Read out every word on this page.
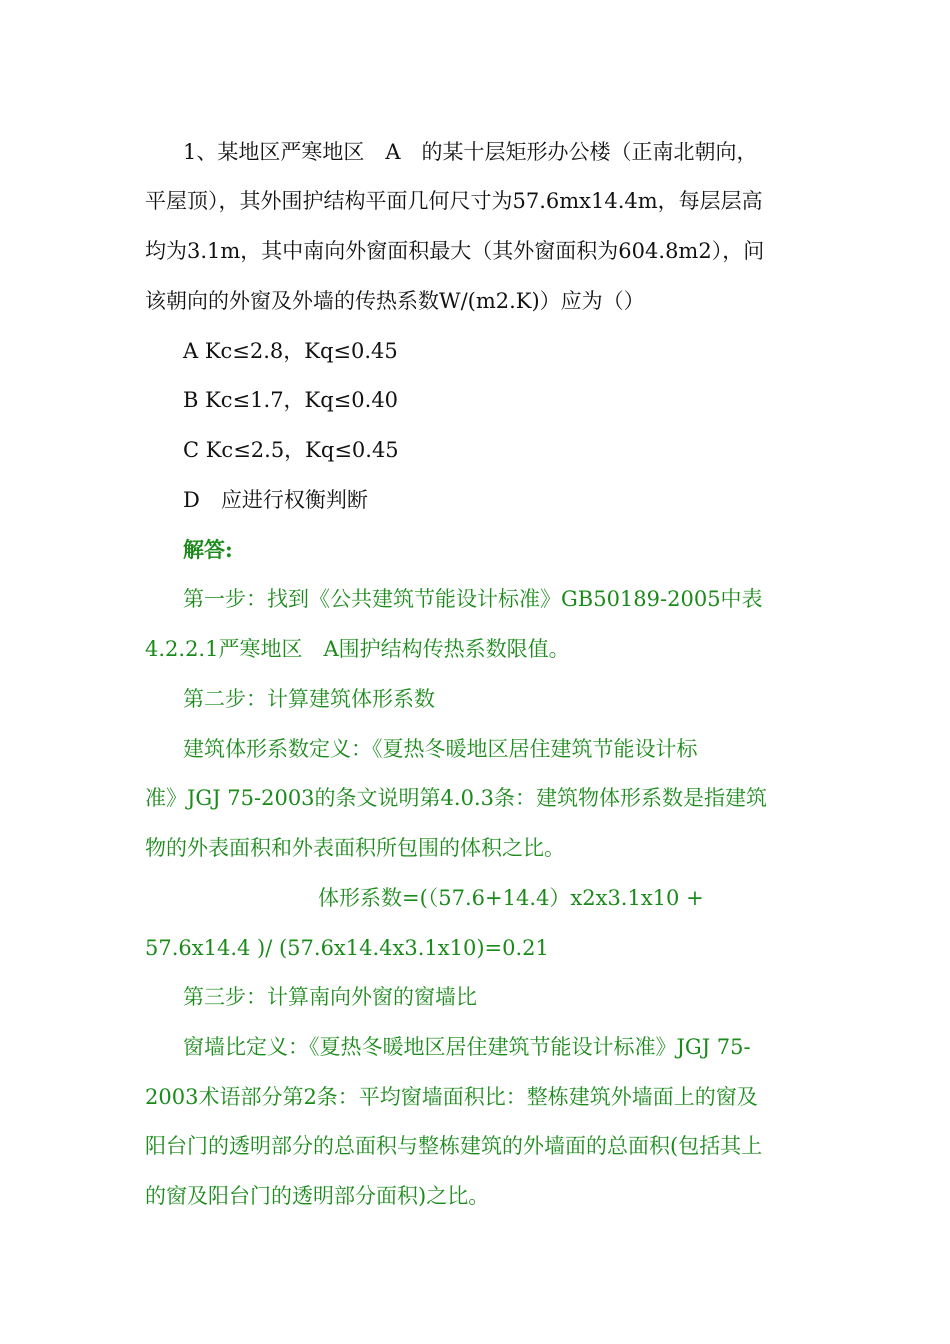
1、某地区严寒地区　A　的某十层矩形办公楼（正南北朝向，
平屋顶），其外围护结构平面几何尺寸为57.6mx14.4m，每层层高
均为3.1m，其中南向外窗面积最大（其外窗面积为604.8m2），问
该朝向的外窗及外墙的传热系数W/(m2.K)）应为（）
A Kc≤2.8，Kq≤0.45
B Kc≤1.7，Kq≤0.40
C Kc≤2.5，Kq≤0.45
D　应进行权衡判断
解答:
第一步：找到《公共建筑节能设计标准》GB50189-2005中表
4.2.2.1严寒地区　A围护结构传热系数限值。
第二步：计算建筑体形系数
建筑体形系数定义：《夏热冬暖地区居住建筑节能设计标
准》JGJ 75-2003的条文说明第4.0.3条：建筑物体形系数是指建筑
物的外表面积和外表面积所包围的体积之比。
体形系数=(（57.6+14.4）x2x3.1x10 +
57.6x14.4 )/ (57.6x14.4x3.1x10)=0.21
第三步：计算南向外窗的窗墙比
窗墙比定义：《夏热冬暖地区居住建筑节能设计标准》JGJ 75-
2003术语部分第2条：平均窗墙面积比：整栋建筑外墙面上的窗及
阳台门的透明部分的总面积与整栋建筑的外墙面的总面积(包括其上
的窗及阳台门的透明部分面积)之比。
